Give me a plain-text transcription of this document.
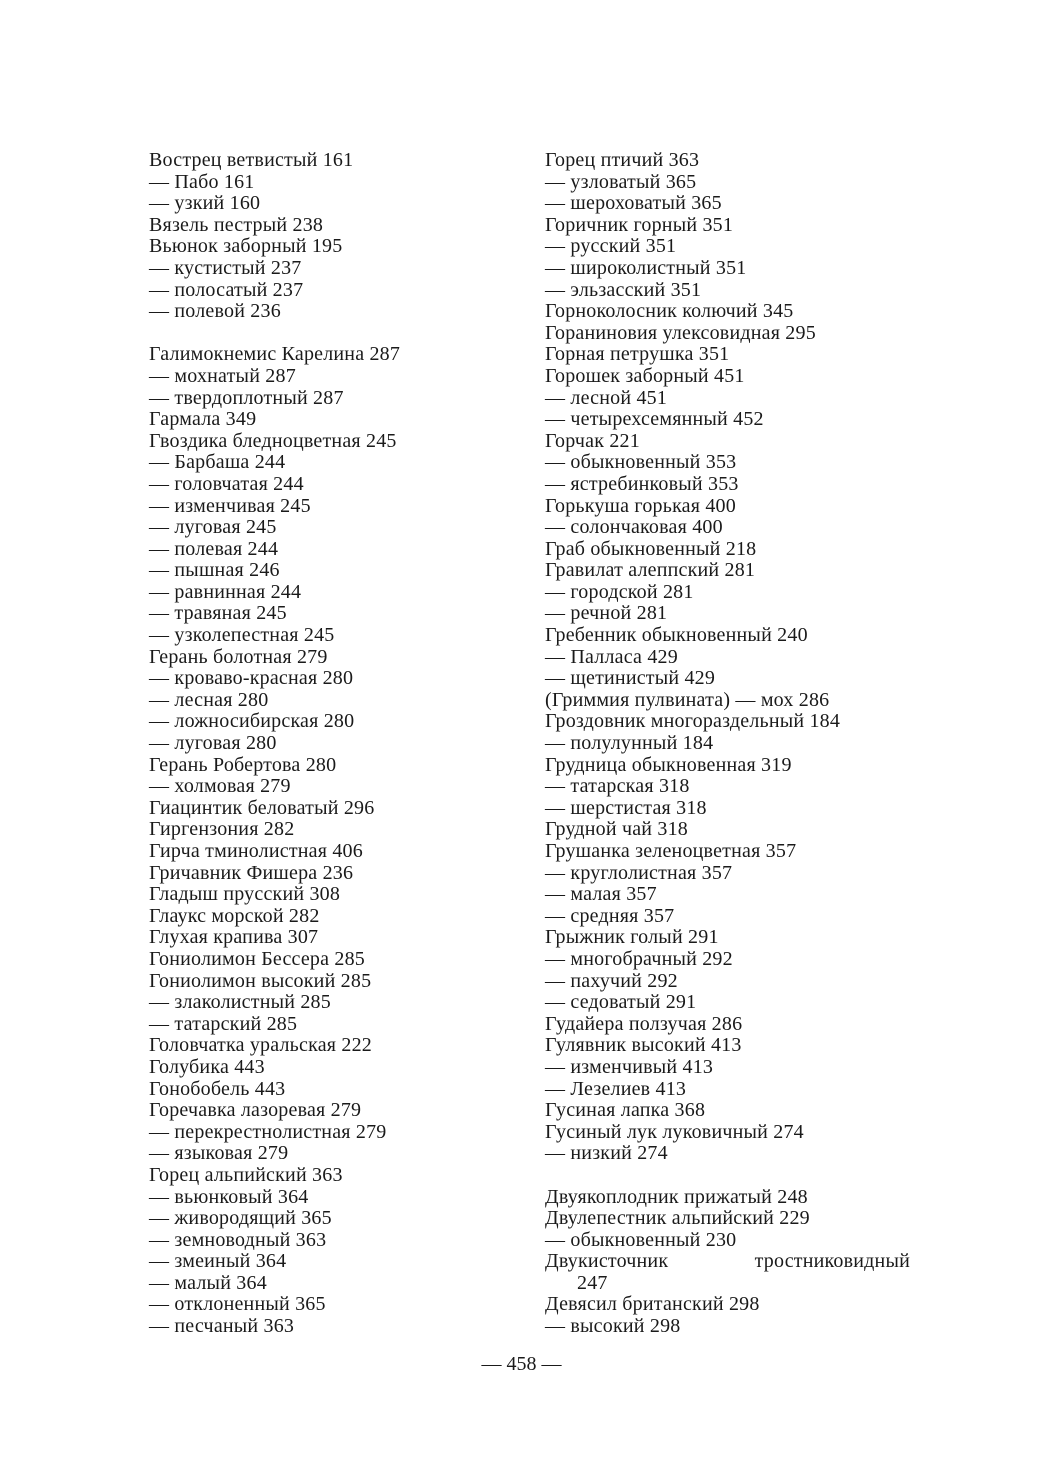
Вострец ветвистый 161
— Пабо 161
— узкий 160
Вязель пестрый 238
Вьюнок заборный 195
— кустистый 237
— полосатый 237
— полевой 236
Галимокнемис Карелина 287
— мохнатый 287
— твердоплотный 287
Гармала 349
Гвоздика бледноцветная 245
— Барбаша 244
— головчатая 244
— изменчивая 245
— луговая 245
— полевая 244
— пышная 246
— равнинная 244
— травяная 245
— узколепестная 245
Герань болотная 279
— кроваво-красная 280
— лесная 280
— ложносибирская 280
— луговая 280
Герань Робертова 280
— холмовая 279
Гиацинтик беловатый 296
Гиргензония 282
Гирча тминолистная 406
Гричавник Фишера 236
Гладыш прусский 308
Глаукс морской 282
Глухая крапива 307
Гониолимон Бессера 285
Гониолимон высокий 285
— злаколистный 285
— татарский 285
Головчатка уральская 222
Голубика 443
Гонобобель 443
Горечавка лазоревая 279
— перекрестнолистная 279
— языковая 279
Горец альпийский 363
— вьюнковый 364
— живородящий 365
— земноводный 363
— змеиный 364
— малый 364
— отклоненный 365
— песчаный 363
Горец птичий 363
— узловатый 365
— шероховатый 365
Горичник горный 351
— русский 351
— широколистный 351
— эльзасский 351
Горноколосник колючий 345
Гораниновия улексовидная 295
Горная петрушка 351
Горошек заборный 451
— лесной 451
— четырехсемянный 452
Горчак 221
— обыкновенный 353
— ястребинковый 353
Горькуша горькая 400
— солончаковая 400
Граб обыкновенный 218
Гравилат алеппский 281
— городской 281
— речной 281
Гребенник обыкновенный 240
— Палласа 429
— щетинистый 429
(Гриммия пулвината) — мох 286
Гроздовник многораздельный 184
— полулунный 184
Грудница обыкновенная 319
— татарская 318
— шерстистая 318
Грудной чай 318
Грушанка зеленоцветная 357
— круглолистная 357
— малая 357
— средняя 357
Грыжник голый 291
— многобрачный 292
— пахучий 292
— седоватый 291
Гудайера ползучая 286
Гулявник высокий 413
— изменчивый 413
— Лезелиев 413
Гусиная лапка 368
Гусиный лук луковичный 274
— низкий 274
Двуякоплодник прижатый 248
Двулепестник альпийский 229
— обыкновенный 230
Двукисточник тростниковидный
247
Девясил британский 298
— высокий 298
— 458 —
